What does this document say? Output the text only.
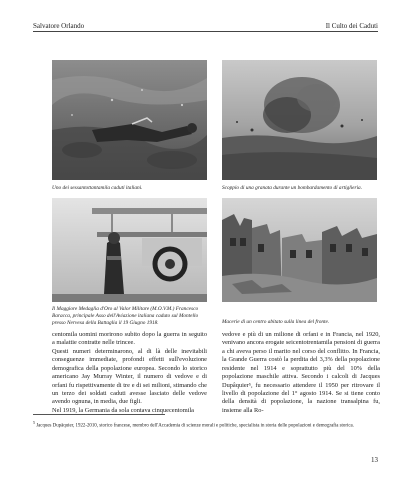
Salvatore Orlando	Il Culto dei Caduti
Uno dei sessantottantamila caduti italiani.	Scoppio di una granata durante un bombardamento di artiglieria.
Il Maggiore Medaglia d'Oro al Valor Militare (M.O.V.M.) Francesco Baracca, principale Asso dell'Aviazione italiana caduto sul Montello presso Nervesa della Battaglia il 19 Giugno 1918.	Macerie di un centro abitato sulla linea del fronte.

centomila uomini morirono subito dopo la guerra in seguito a malattie contratte nelle trincee.

Questi numeri determinarono, al di là delle inevitabili conseguenze immediate, profondi effetti sull'evoluzione demografica della popolazione europea. Secondo lo storico americano Jay Murray Winter, il numero di vedove e di orfani fu rispettivamente di tre e di sei milioni, stimando che un terzo dei soldati caduti avesse lasciato delle vedove avendo ognuna, in media, due figli.

Nel 1919, la Germania da sola contava cinquecentomila

vedove e più di un milione di orfani e in Francia, nel 1920, venivano ancora erogate seicentotrentamila pensioni di guerra a chi aveva perso il marito nel corso del conflitto. In Francia, la Grande Guerra costò la perdita del 3,3% della popolazione residente nel 1914 e soprattutto più del 10% della popolazione maschile attiva. Secondo i calcoli di Jacques Dupâquier⁵, fu necessario attendere il 1950 per ritrovare il livello di popolazione del 1° agosto 1914. Se si tiene conto della densità di popolazione, la nazione transalpina fu, insieme alla Ro-

$^5$ Jacques Dupâquier, 1922-2010, storico francese, membro dell'Accademia di scienze morali e politiche, specialista in storia delle popolazioni e demografia storica.
13
